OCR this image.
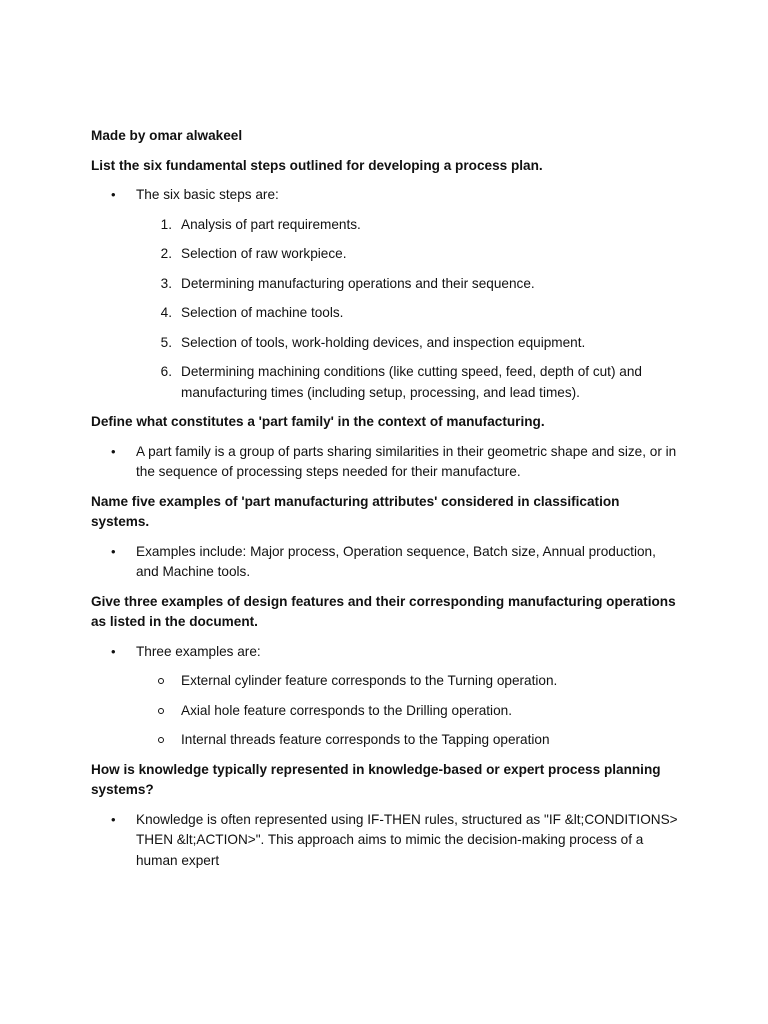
Made by omar alwakeel

List the six fundamental steps outlined for developing a process plan.

• The six basic steps are:
1. Analysis of part requirements.
2. Selection of raw workpiece.
3. Determining manufacturing operations and their sequence.
4. Selection of machine tools.
5. Selection of tools, work-holding devices, and inspection equipment.
6. Determining machining conditions (like cutting speed, feed, depth of cut) and manufacturing times (including setup, processing, and lead times).

Define what constitutes a 'part family' in the context of manufacturing.

• A part family is a group of parts sharing similarities in their geometric shape and size, or in the sequence of processing steps needed for their manufacture.

Name five examples of 'part manufacturing attributes' considered in classification systems.

• Examples include: Major process, Operation sequence, Batch size, Annual production, and Machine tools.

Give three examples of design features and their corresponding manufacturing operations as listed in the document.

• Three examples are:
External cylinder feature corresponds to the Turning operation.
Axial hole feature corresponds to the Drilling operation.
Internal threads feature corresponds to the Tapping operation

How is knowledge typically represented in knowledge-based or expert process planning systems?

• Knowledge is often represented using IF-THEN rules, structured as "IF &lt;CONDITIONS> THEN &lt;ACTION>". This approach aims to mimic the decision-making process of a human expert
